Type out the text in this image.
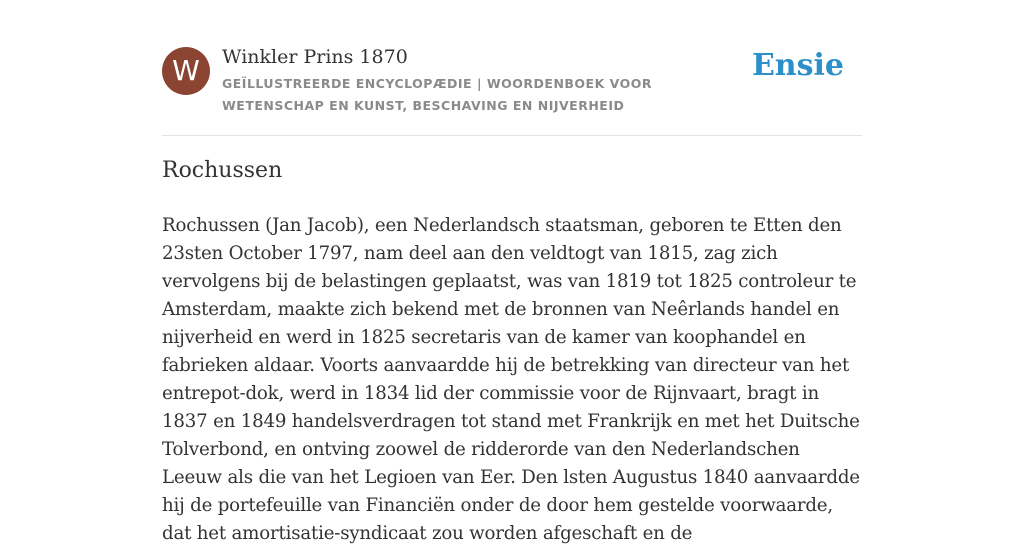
W	Winkler Prins 1870
GEÏLLUSTREERDE ENCYCLOPÆDIE | WOORDENBOEK VOOR WETENSCHAP EN KUNST, BESCHAVING EN NIJVERHEID
Ensie
Rochussen
Rochussen (Jan Jacob), een Nederlandsch staatsman, geboren te Etten den 23sten October 1797, nam deel aan den veldtogt van 1815, zag zich vervolgens bij de belastingen geplaatst, was van 1819 tot 1825 controleur te Amsterdam, maakte zich bekend met de bronnen van Neêrlands handel en nijverheid en werd in 1825 secretaris van de kamer van koophandel en fabrieken aldaar. Voorts aanvaardde hij de betrekking van directeur van het entrepot-dok, werd in 1834 lid der commissie voor de Rijnvaart, bragt in 1837 en 1849 handelsverdragen tot stand met Frankrijk en met het Duitsche Tolverbond, en ontving zoowel de ridderorde van den Nederlandschen Leeuw als die van het Legioen van Eer. Den lsten Augustus 1840 aanvaardde hij de portefeuille van Financiën onder de door hem gestelde voorwaarde, dat het amortisatie-syndicaat zou worden afgeschaft en de
